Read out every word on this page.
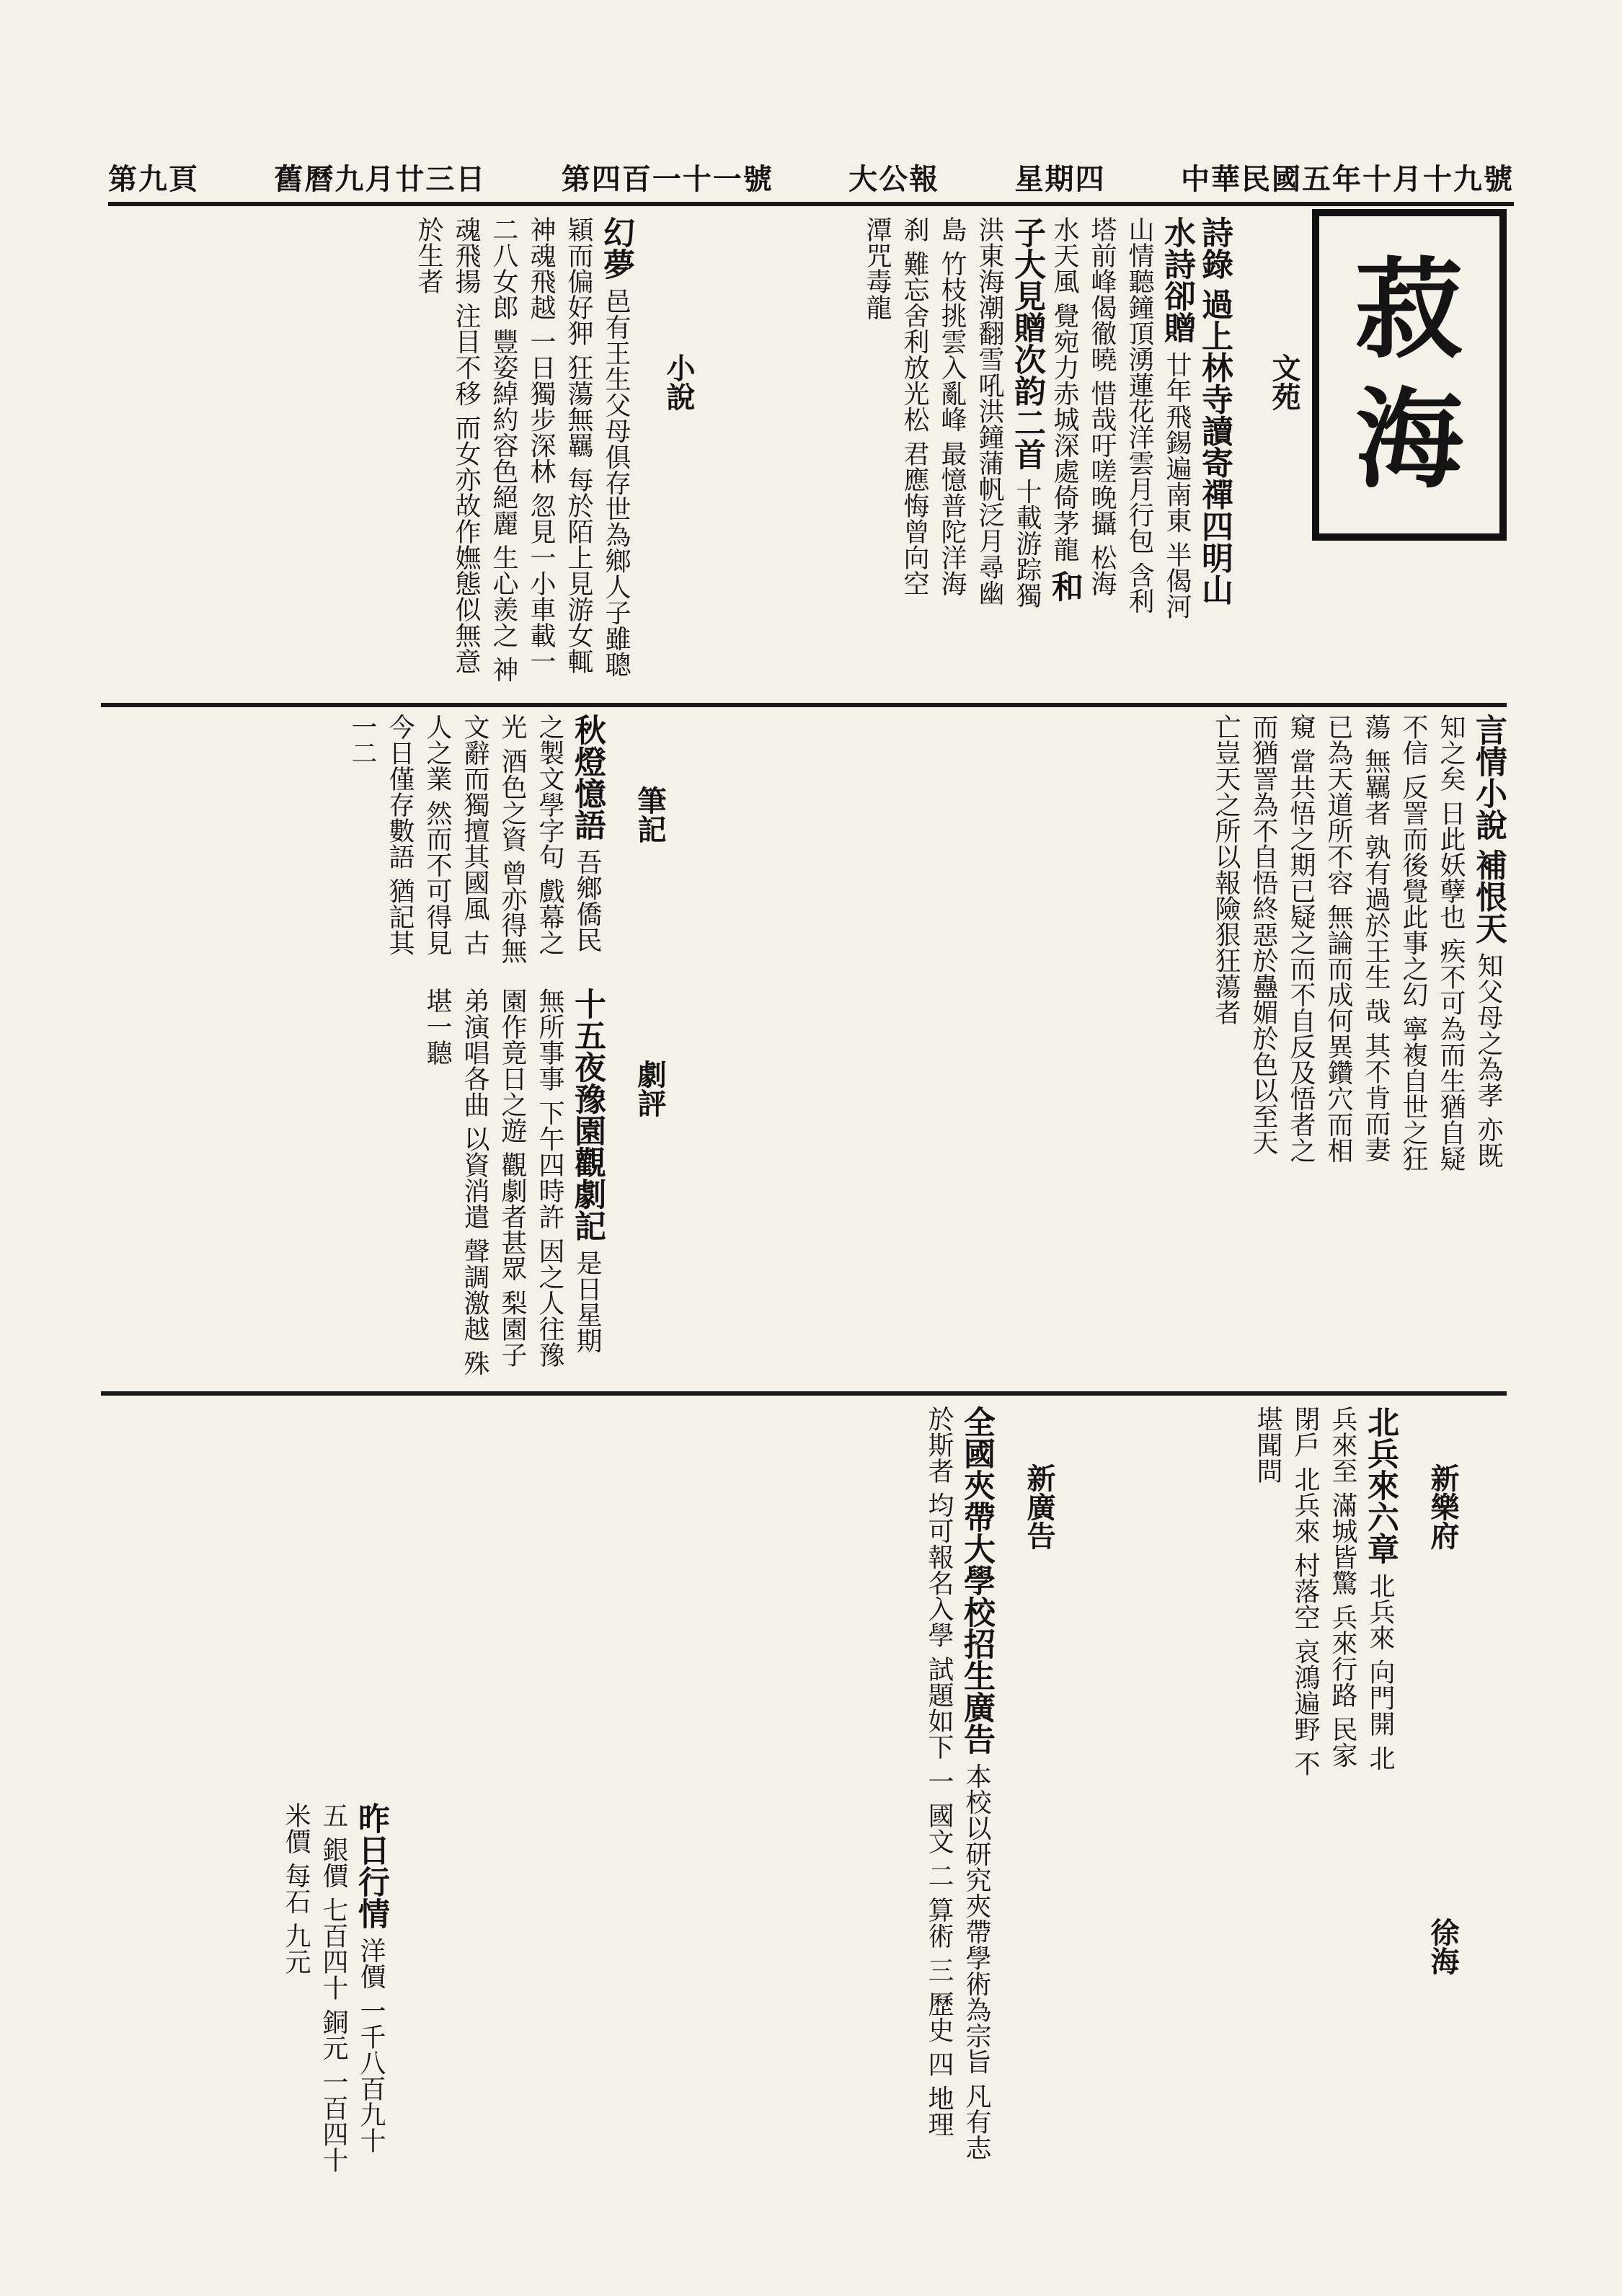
中華民國五年十月十九號
星期四
大公報
第四百一十一號
舊曆九月廿三日
第九頁
菽
海
文苑
詩錄 過上林寺讀寄禪四明山水詩卻贈 廿年飛錫遍南東 半偈河山情聽鐘頂湧蓮花洋雲月行包 含利塔前峰偈徹曉 惜哉吁嗟晚攝 松海水天風 覺宛力赤城深處倚茅龍 和子大見贈次韵二首 十載游踪獨洪東海潮翻雪吼洪鐘蒲帆泛月尋幽島 竹枝挑雲入亂峰 最憶普陀洋海刹 難忘舍利放光松 君應悔曾向空潭咒毒龍
小說
幻夢 邑有王生父母俱存世為鄉人子雖聰穎而偏好狎 狂蕩無羈 每於陌上見游女輒神魂飛越 一日獨步深林 忽見一小車載一二八女郎 豐姿綽約容色絕麗 生心羨之 神魂飛揚 注目不移 而女亦故作嫵態似無意於生者
言情小說 補恨天 知父母之為孝 亦既知之矣 日此妖孽也 疾不可為而生猶自疑不信 反詈而後覺此事之幻 寧複自世之狂蕩 無羈者 孰有過於王生 哉 其不肯而妻已為天道所不容 無論而成何異鑽穴而相窺 當共悟之期已疑之而不自反及悟者之而猶詈為不自悟終惡於蠱媚於色以至天亡豈天之所以報險狠狂蕩者
筆記
秋燈憶語 吾鄉僑民之製文學字句 戲幕之光 酒色之資 曾亦得無文辭而獨擅其國風 古人之業 然而不可得見 今日僅存數語 猶記其一二
劇評
十五夜豫園觀劇記 是日星期無所事事 下午四時許 因之人往豫園作竟日之遊 觀劇者甚眾 梨園子弟演唱各曲 以資消遣 聲調激越 殊堪一聽
新樂府
北兵來六章 北兵來 向門開 北兵來至 滿城皆驚 兵來行路 民家閉戶 北兵來 村落空 哀鴻遍野 不堪聞問
新廣告
全國夾帶大學校招生廣告 本校以研究夾帶學術為宗旨 凡有志於斯者 均可報名入學 試題如下 一 國文 二 算術 三 歷史 四 地理	徐海
昨日行情 洋價 一千八百九十五 銀價 七百四十 銅元 一百四十 米價 每石 九元
